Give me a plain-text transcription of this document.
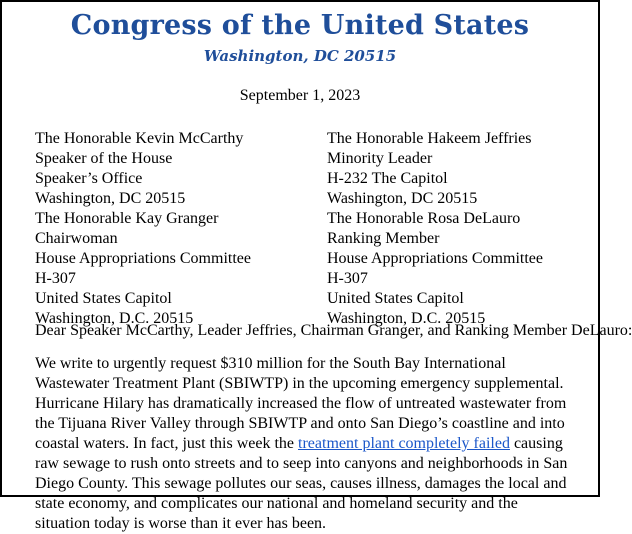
Congress of the United States
Washington, DC 20515
September 1, 2023
The Honorable Kevin McCarthy
Speaker of the House
Speaker’s Office
Washington, DC 20515
The Honorable Hakeem Jeffries
Minority Leader
H-232 The Capitol
Washington, DC 20515
The Honorable Kay Granger
Chairwoman
House Appropriations Committee
H-307
United States Capitol
Washington, D.C. 20515
The Honorable Rosa DeLauro
Ranking Member
House Appropriations Committee
H-307
United States Capitol
Washington, D.C. 20515
Dear Speaker McCarthy, Leader Jeffries, Chairman Granger, and Ranking Member DeLauro:

We write to urgently request $310 million for the South Bay International Wastewater Treatment Plant (SBIWTP) in the upcoming emergency supplemental. Hurricane Hilary has dramatically increased the flow of untreated wastewater from the Tijuana River Valley through SBIWTP and onto San Diego’s coastline and into coastal waters. In fact, just this week the treatment plant completely failed causing raw sewage to rush onto streets and to seep into canyons and neighborhoods in San Diego County. This sewage pollutes our seas, causes illness, damages the local and state economy, and complicates our national and homeland security and the situation today is worse than it ever has been.
